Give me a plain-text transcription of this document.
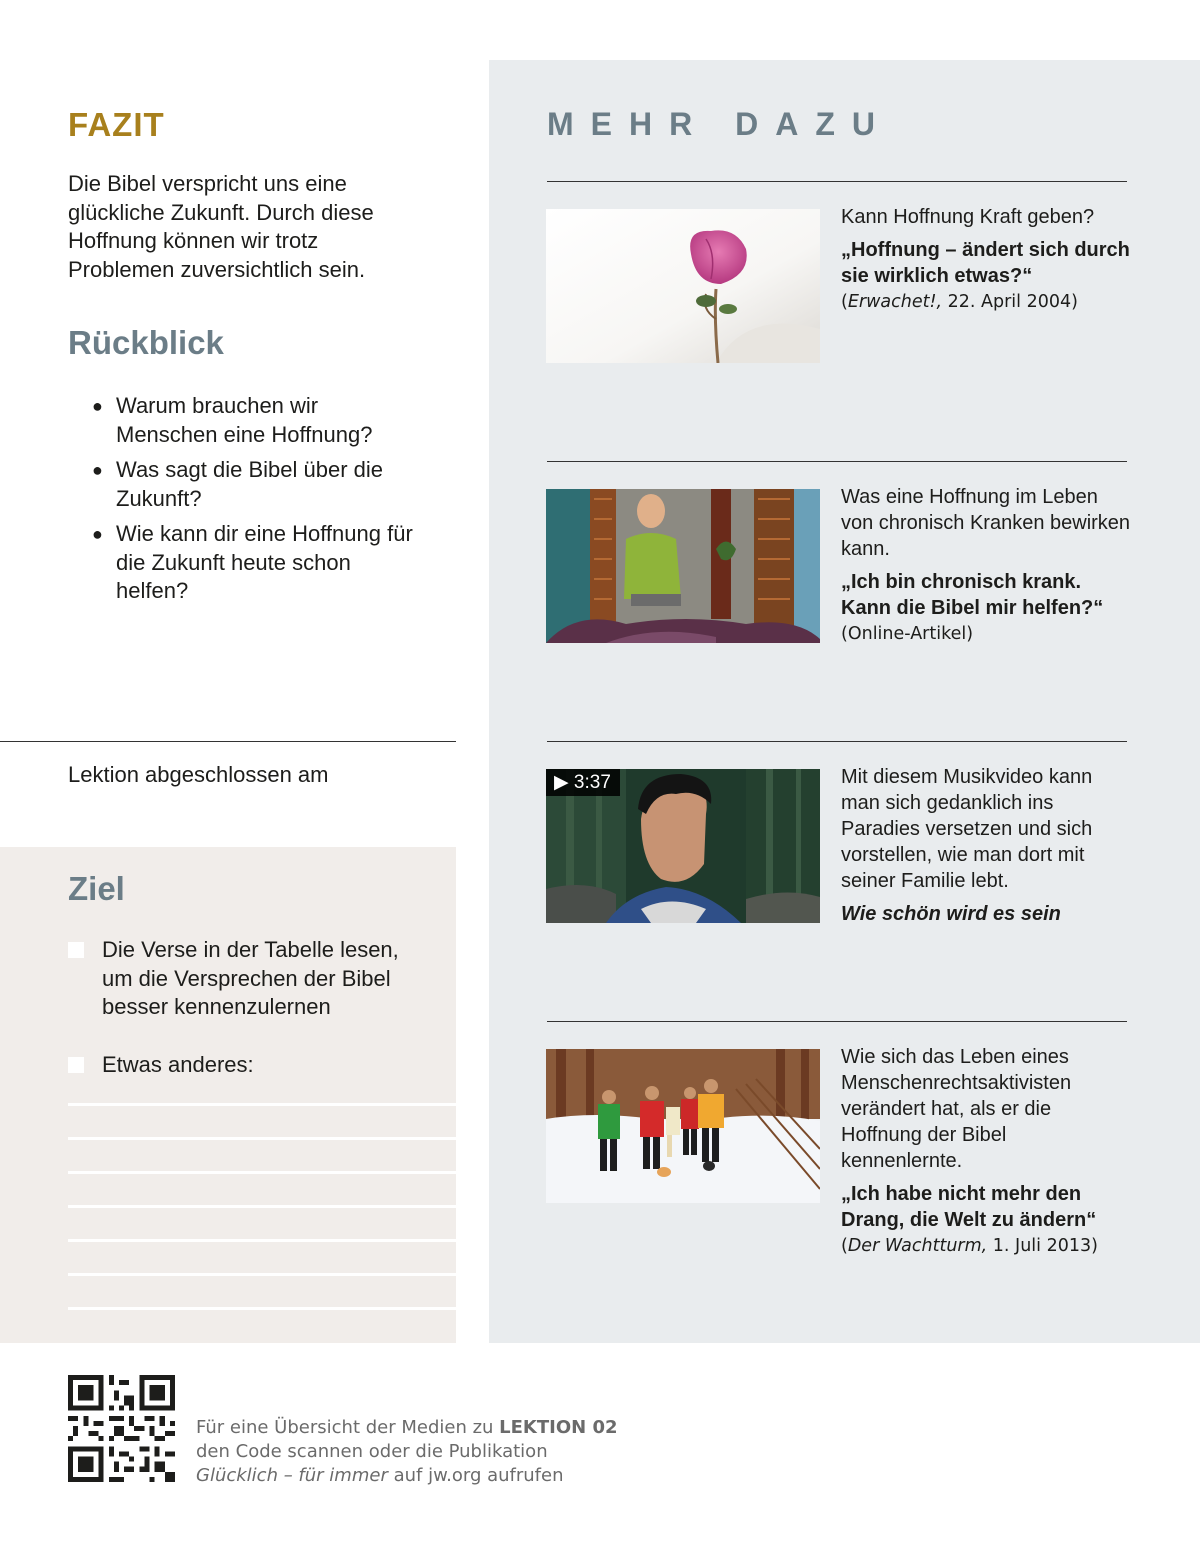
FAZIT

Die Bibel verspricht uns eine glückliche Zukunft. Durch diese Hoffnung können wir trotz Problemen zuversichtlich sein.

Rückblick
● Warum brauchen wir Menschen eine Hoffnung?
● Was sagt die Bibel über die Zukunft?
● Wie kann dir eine Hoffnung für die Zukunft heute schon helfen?
Lektion abgeschlossen am
Ziel
Die Verse in der Tabelle lesen, um die Versprechen der Bibel besser kennenzulernen
Etwas anderes:
MEHR DAZU
Kann Hoffnung Kraft geben?
„Hoffnung – ändert sich durch sie wirklich etwas?“
(Erwachet!, 22. April 2004)
Was eine Hoffnung im Leben von chronisch Kranken bewirken kann.
„Ich bin chronisch krank. Kann die Bibel mir helfen?“
(Online-Artikel)
▶ 3:37	Mit diesem Musikvideo kann man sich gedanklich ins Paradies versetzen und sich vorstellen, wie man dort mit seiner Familie lebt.
Wie schön wird es sein
Wie sich das Leben eines Menschenrechtsaktivisten verändert hat, als er die Hoffnung der Bibel kennenlernte.
„Ich habe nicht mehr den Drang, die Welt zu ändern“
(Der Wachtturm, 1. Juli 2013)
Für eine Übersicht der Medien zu LEKTION 02
den Code scannen oder die Publikation
Glücklich – für immer auf jw.org aufrufen
